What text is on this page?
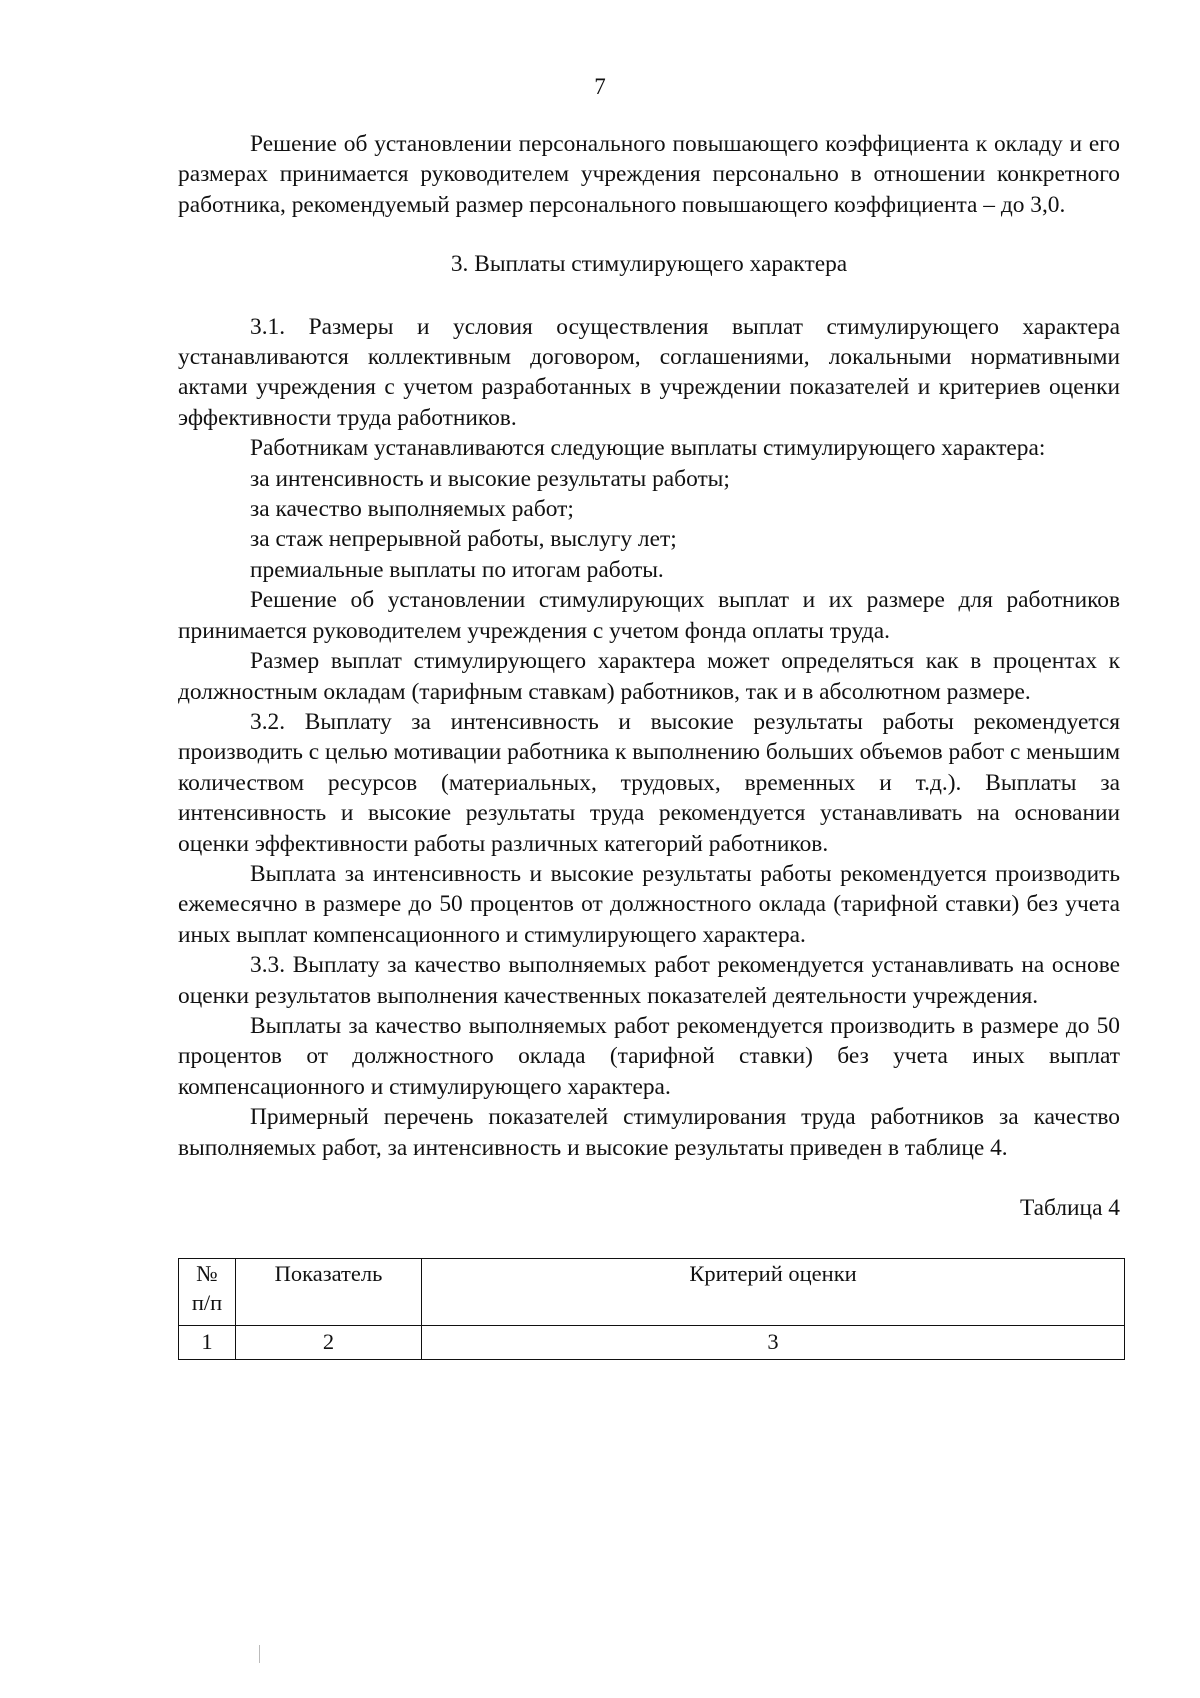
7

Решение об установлении персонального повышающего коэффициента к окладу и его размерах принимается руководителем учреждения персонально в отношении конкретного работника, рекомендуемый размер персонального повышающего коэффициента – до 3,0.

3. Выплаты стимулирующего характера

3.1. Размеры и условия осуществления выплат стимулирующего характера устанавливаются коллективным договором, соглашениями, локальными нормативными актами учреждения с учетом разработанных в учреждении показателей и критериев оценки эффективности труда работников.

Работникам устанавливаются следующие выплаты стимулирующего характера:

за интенсивность и высокие результаты работы;

за качество выполняемых работ;

за стаж непрерывной работы, выслугу лет;

премиальные выплаты по итогам работы.

Решение об установлении стимулирующих выплат и их размере для работников принимается руководителем учреждения с учетом фонда оплаты труда.

Размер выплат стимулирующего характера может определяться как в процентах к должностным окладам (тарифным ставкам) работников, так и в абсолютном размере.

3.2. Выплату за интенсивность и высокие результаты работы рекомендуется производить с целью мотивации работника к выполнению больших объемов работ с меньшим количеством ресурсов (материальных, трудовых, временных и т.д.). Выплаты за интенсивность и высокие результаты труда рекомендуется устанавливать на основании оценки эффективности работы различных категорий работников.

Выплата за интенсивность и высокие результаты работы рекомендуется производить ежемесячно в размере до 50 процентов от должностного оклада (тарифной ставки) без учета иных выплат компенсационного и стимулирующего характера.

3.3. Выплату за качество выполняемых работ рекомендуется устанавливать на основе оценки результатов выполнения качественных показателей деятельности учреждения.

Выплаты за качество выполняемых работ рекомендуется производить в размере до 50 процентов от должностного оклада (тарифной ставки) без учета иных выплат компенсационного и стимулирующего характера.

Примерный перечень показателей стимулирования труда работников за качество выполняемых работ, за интенсивность и высокие результаты приведен в таблице 4.

Таблица 4

№
п/п	Показатель	Критерий оценки
1	2	3
